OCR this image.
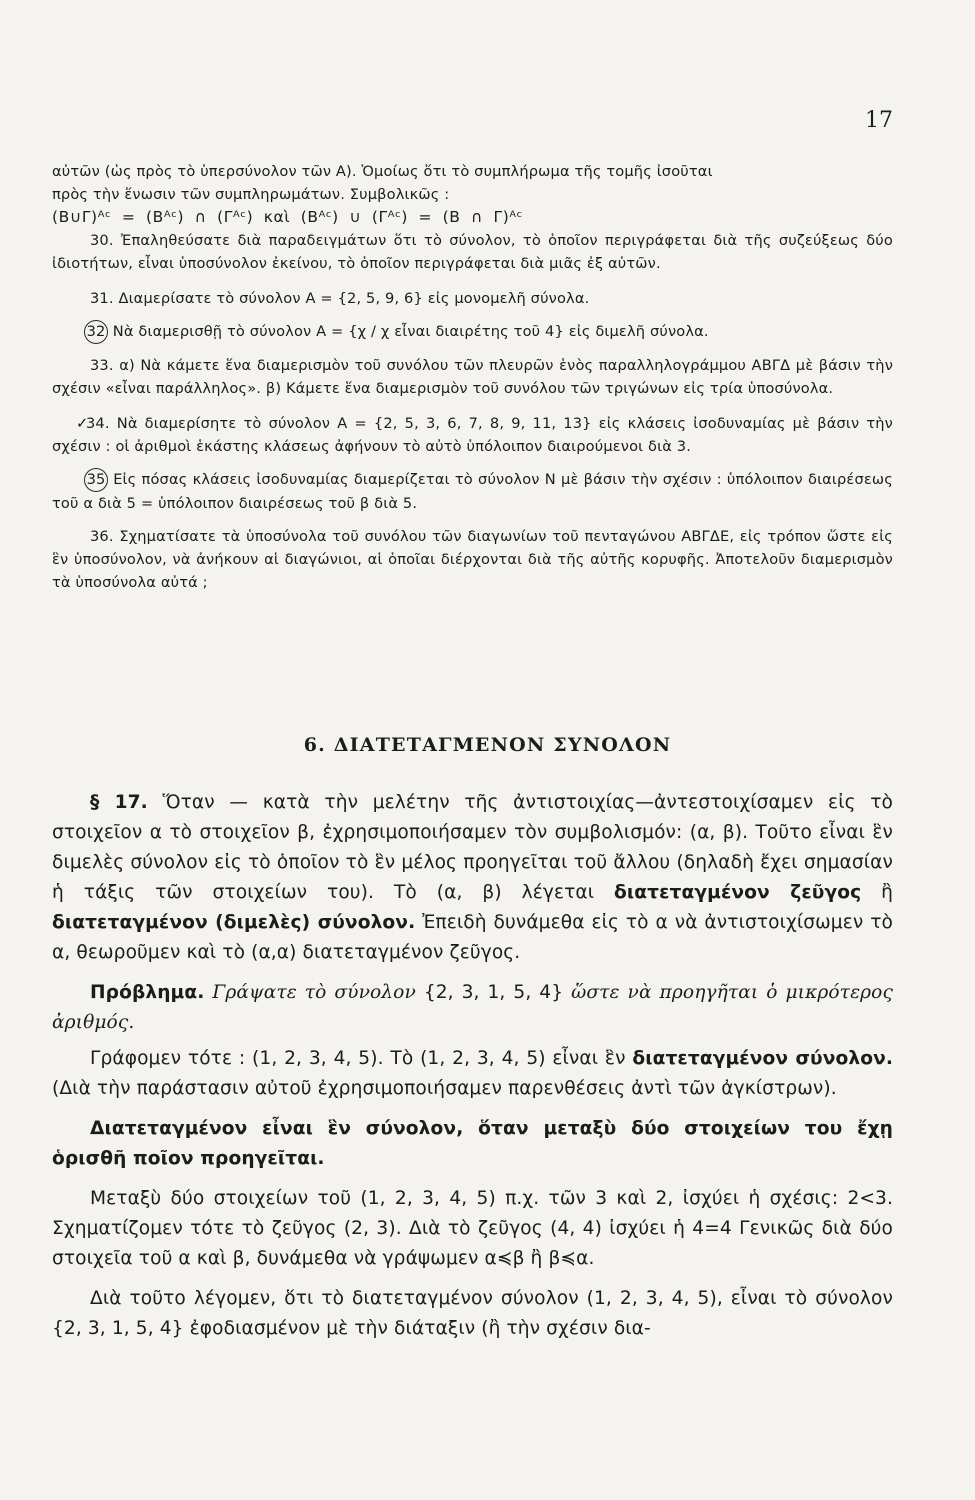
17

αὐτῶν (ὡς πρὸς τὸ ὑπερσύνολον τῶν Α). Ὁμοίως ὅτι τὸ συμπλήρωμα τῆς τομῆς ἰσοῦται

πρὸς τὴν ἕνωσιν τῶν συμπληρωμάτων. Συμβολικῶς :

(Β∪Γ)ᴬᶜ = (Βᴬᶜ) ∩ (Γᴬᶜ) καὶ (Βᴬᶜ) ∪ (Γᴬᶜ) = (Β ∩ Γ)ᴬᶜ

30. Ἐπαληθεύσατε διὰ παραδειγμάτων ὅτι τὸ σύνολον, τὸ ὁποῖον περιγράφεται διὰ τῆς συζεύξεως δύο ἰδιοτήτων, εἶναι ὑποσύνολον ἐκείνου, τὸ ὁποῖον περιγράφεται διὰ μιᾶς ἐξ αὐτῶν.

31. Διαμερίσατε τὸ σύνολον Α = {2, 5, 9, 6} εἰς μονομελῆ σύνολα.

32 Νὰ διαμερισθῇ τὸ σύνολον Α = {χ / χ εἶναι διαιρέτης τοῦ 4} εἰς διμελῆ σύνολα.

33. α) Νὰ κάμετε ἕνα διαμερισμὸν τοῦ συνόλου τῶν πλευρῶν ἑνὸς παραλληλογράμμου ΑΒΓΔ μὲ βάσιν τὴν σχέσιν «εἶναι παράλληλος». β) Κάμετε ἕνα διαμερισμὸν τοῦ συνόλου τῶν τριγώνων εἰς τρία ὑποσύνολα.

✓34. Νὰ διαμερίσητε τὸ σύνολον Α = {2, 5, 3, 6, 7, 8, 9, 11, 13} εἰς κλάσεις ἰσοδυναμίας μὲ βάσιν τὴν σχέσιν : οἱ ἀριθμοὶ ἑκάστης κλάσεως ἀφήνουν τὸ αὐτὸ ὑπόλοιπον διαιρούμενοι διὰ 3.

35 Εἰς πόσας κλάσεις ἰσοδυναμίας διαμερίζεται τὸ σύνολον Ν μὲ βάσιν τὴν σχέσιν : ὑπόλοιπον διαιρέσεως τοῦ α διὰ 5 = ὑπόλοιπον διαιρέσεως τοῦ β διὰ 5.

36. Σχηματίσατε τὰ ὑποσύνολα τοῦ συνόλου τῶν διαγωνίων τοῦ πενταγώνου ΑΒΓΔΕ, εἰς τρόπον ὥστε εἰς ἓν ὑποσύνολον, νὰ ἀνήκουν αἱ διαγώνιοι, αἱ ὁποῖαι διέρχονται διὰ τῆς αὐτῆς κορυφῆς. Ἀποτελοῦν διαμερισμὸν τὰ ὑποσύνολα αὐτά ;

6. ΔΙΑΤΕΤΑΓΜΕΝΟΝ ΣΥΝΟΛΟΝ

§ 17. Ὅταν — κατὰ τὴν μελέτην τῆς ἀντιστοιχίας—ἀντεστοιχίσαμεν εἰς τὸ στοιχεῖον α τὸ στοιχεῖον β, ἐχρησιμοποιήσαμεν τὸν συμβολισμόν: (α, β). Τοῦτο εἶναι ἓν διμελὲς σύνολον εἰς τὸ ὁποῖον τὸ ἓν μέλος προηγεῖται τοῦ ἄλλου (δηλαδὴ ἔχει σημασίαν ἡ τάξις τῶν στοιχείων του). Τὸ (α, β) λέγεται διατεταγμένον ζεῦγος ἢ διατεταγμένον (διμελὲς) σύνολον. Ἐπειδὴ δυνάμεθα εἰς τὸ α νὰ ἀντιστοιχίσωμεν τὸ α, θεωροῦμεν καὶ τὸ (α,α) διατεταγμένον ζεῦγος.

Πρόβλημα. Γράψατε τὸ σύνολον {2, 3, 1, 5, 4} ὥστε νὰ προηγῆται ὁ μικρότερος ἀριθμός.

Γράφομεν τότε : (1, 2, 3, 4, 5). Τὸ (1, 2, 3, 4, 5) εἶναι ἓν διατεταγμένον σύνολον. (Διὰ τὴν παράστασιν αὐτοῦ ἐχρησιμοποιήσαμεν παρενθέσεις ἀντὶ τῶν ἀγκίστρων).

Διατεταγμένον εἶναι ἓν σύνολον, ὅταν μεταξὺ δύο στοιχείων του ἔχῃ ὁρισθῆ ποῖον προηγεῖται.

Μεταξὺ δύο στοιχείων τοῦ (1, 2, 3, 4, 5) π.χ. τῶν 3 καὶ 2, ἰσχύει ἡ σχέσις: 2<3. Σχηματίζομεν τότε τὸ ζεῦγος (2, 3). Διὰ τὸ ζεῦγος (4, 4) ἰσχύει ἡ 4=4 Γενικῶς διὰ δύο στοιχεῖα τοῦ α καὶ β, δυνάμεθα νὰ γράψωμεν α≼β ἢ β≼α.

Διὰ τοῦτο λέγομεν, ὅτι τὸ διατεταγμένον σύνολον (1, 2, 3, 4, 5), εἶναι τὸ σύνολον {2, 3, 1, 5, 4} ἐφοδιασμένον μὲ τὴν διάταξιν (ἢ τὴν σχέσιν δια-
